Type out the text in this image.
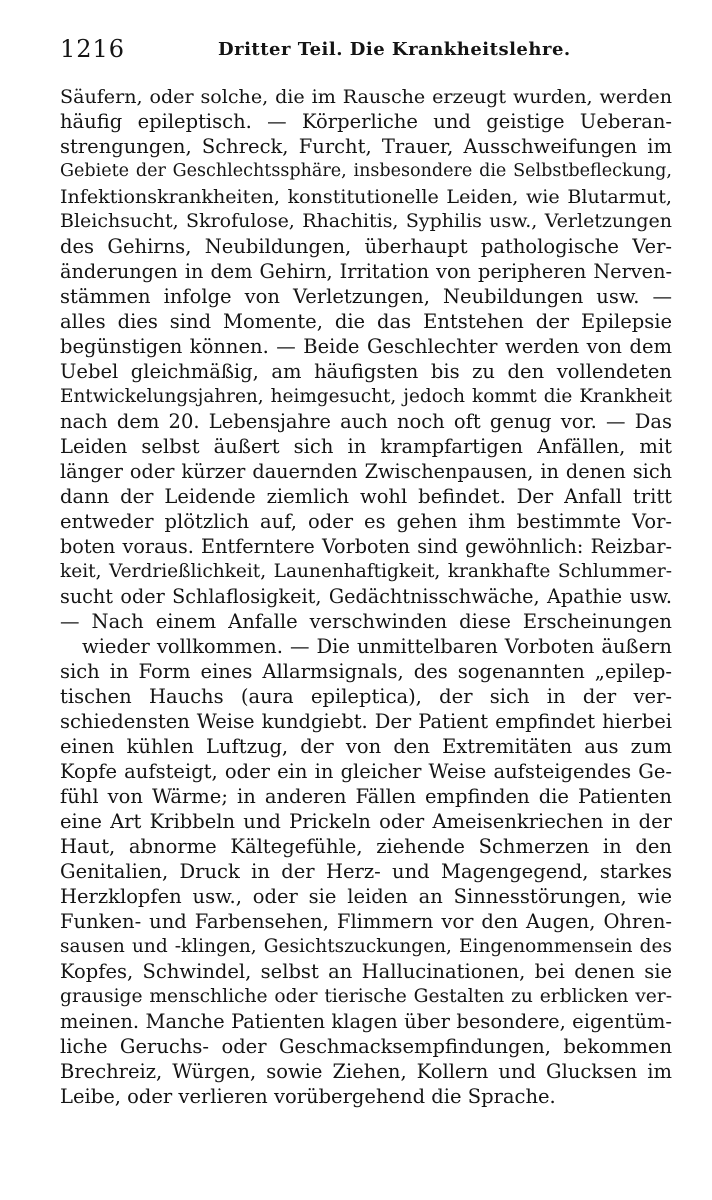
1216	Dritter Teil. Die Krankheitslehre.
Säufern, oder solche, die im Rausche erzeugt wurden, werden
häufig epileptisch. — Körperliche und geistige Ueberan-
strengungen, Schreck, Furcht, Trauer, Ausschweifungen im
Gebiete der Geschlechtssphäre, insbesondere die Selbstbefleckung,
Infektionskrankheiten, konstitutionelle Leiden, wie Blutarmut,
Bleichsucht, Skrofulose, Rhachitis, Syphilis usw., Verletzungen
des Gehirns, Neubildungen, überhaupt pathologische Ver-
änderungen in dem Gehirn, Irritation von peripheren Nerven-
stämmen infolge von Verletzungen, Neubildungen usw. —
alles dies sind Momente, die das Entstehen der Epilepsie
begünstigen können. — Beide Geschlechter werden von dem
Uebel gleichmäßig, am häufigsten bis zu den vollendeten
Entwickelungsjahren, heimgesucht, jedoch kommt die Krankheit
nach dem 20. Lebensjahre auch noch oft genug vor. — Das
Leiden selbst äußert sich in krampfartigen Anfällen, mit
länger oder kürzer dauernden Zwischenpausen, in denen sich
dann der Leidende ziemlich wohl befindet. Der Anfall tritt
entweder plötzlich auf, oder es gehen ihm bestimmte Vor-
boten voraus. Entferntere Vorboten sind gewöhnlich: Reizbar-
keit, Verdrießlichkeit, Launenhaftigkeit, krankhafte Schlummer-
sucht oder Schlaflosigkeit, Gedächtnisschwäche, Apathie usw.
— Nach einem Anfalle verschwinden diese Erscheinungen
wieder vollkommen. — Die unmittelbaren Vorboten äußern
sich in Form eines Allarmsignals, des sogenannten „epilep-
tischen Hauchs (aura epileptica), der sich in der ver-
schiedensten Weise kundgiebt. Der Patient empfindet hierbei
einen kühlen Luftzug, der von den Extremitäten aus zum
Kopfe aufsteigt, oder ein in gleicher Weise aufsteigendes Ge-
fühl von Wärme; in anderen Fällen empfinden die Patienten
eine Art Kribbeln und Prickeln oder Ameisenkriechen in der
Haut, abnorme Kältegefühle, ziehende Schmerzen in den
Genitalien, Druck in der Herz- und Magengegend, starkes
Herzklopfen usw., oder sie leiden an Sinnesstörungen, wie
Funken- und Farbensehen, Flimmern vor den Augen, Ohren-
sausen und -klingen, Gesichtszuckungen, Eingenommensein des
Kopfes, Schwindel, selbst an Hallucinationen, bei denen sie
grausige menschliche oder tierische Gestalten zu erblicken ver-
meinen. Manche Patienten klagen über besondere, eigentüm-
liche Geruchs- oder Geschmacksempfindungen, bekommen
Brechreiz, Würgen, sowie Ziehen, Kollern und Glucksen im
Leibe, oder verlieren vorübergehend die Sprache.
